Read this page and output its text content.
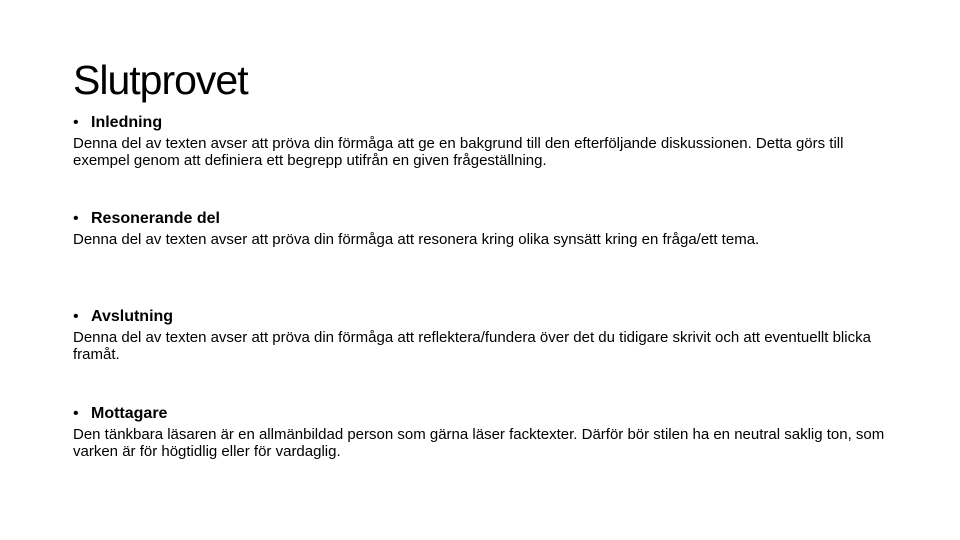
Slutprovet
• Inledning

Denna del av texten avser att pröva din förmåga att ge en bakgrund till den efterföljande diskussionen. Detta görs till exempel genom att definiera ett begrepp utifrån en given frågeställning.

• Resonerande del

Denna del av texten avser att pröva din förmåga att resonera kring olika synsätt kring en fråga/ett tema.

• Avslutning

Denna del av texten avser att pröva din förmåga att reflektera/fundera över det du tidigare skrivit och att eventuellt blicka framåt.

• Mottagare

Den tänkbara läsaren är en allmänbildad person som gärna läser facktexter. Därför bör stilen ha en neutral saklig ton, som varken är för högtidlig eller för vardaglig.
